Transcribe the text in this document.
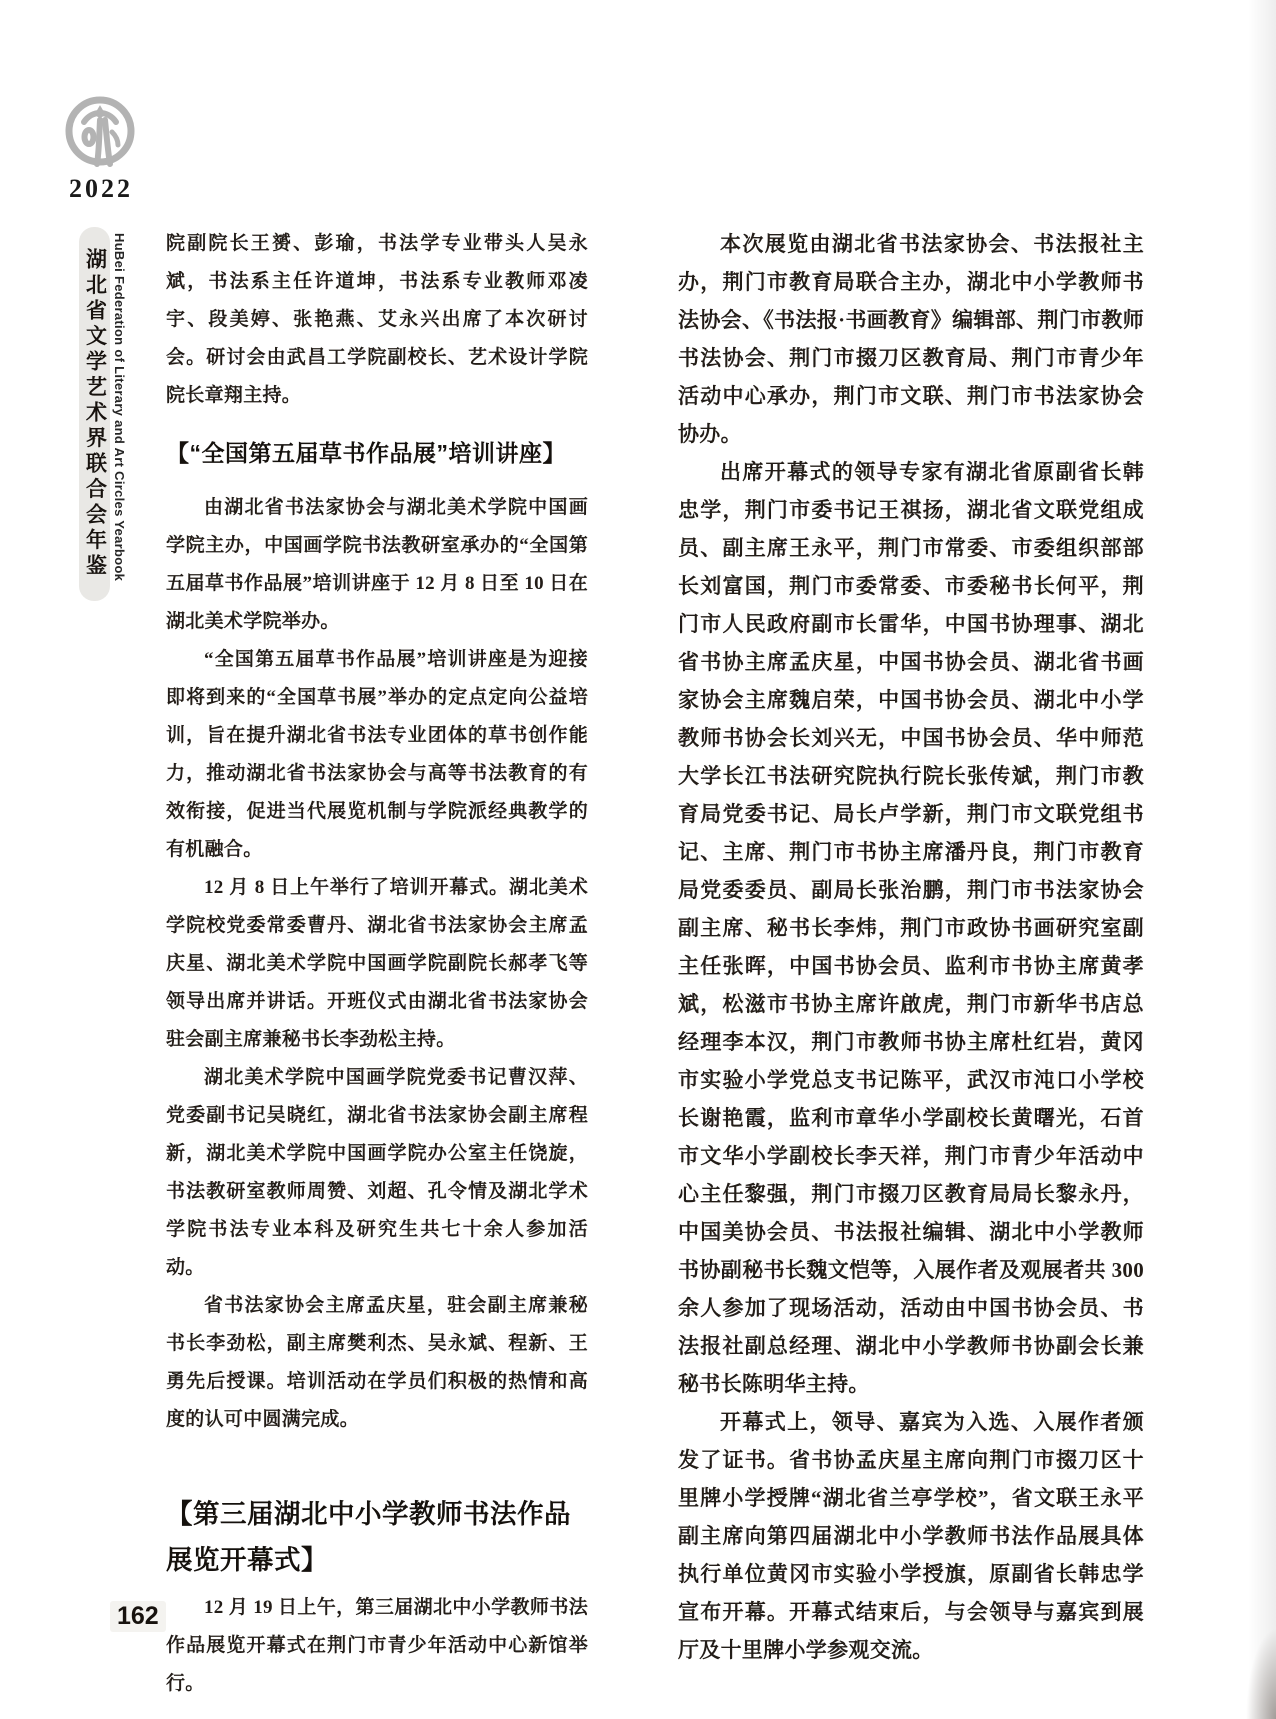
2022
湖北省文学艺术界联合会年鉴 HuBei Federation of Literary and Art Circles Yearbook 院副院长王赟、彭瑜，书法学专业带头人吴永斌，书法系主任许道坤，书法系专业教师邓凌宇、段美婷、张艳燕、艾永兴出席了本次研讨会。研讨会由武昌工学院副校长、艺术设计学院院长章翔主持。
【“全国第五届草书作品展”培训讲座】
由湖北省书法家协会与湖北美术学院中国画学院主办，中国画学院书法教研室承办的“全国第五届草书作品展”培训讲座于 12 月 8 日至 10 日在湖北美术学院举办。
“全国第五届草书作品展”培训讲座是为迎接即将到来的“全国草书展”举办的定点定向公益培训，旨在提升湖北省书法专业团体的草书创作能力，推动湖北省书法家协会与高等书法教育的有效衔接，促进当代展览机制与学院派经典教学的有机融合。
12 月 8 日上午举行了培训开幕式。湖北美术学院校党委常委曹丹、湖北省书法家协会主席孟庆星、湖北美术学院中国画学院副院长郝孝飞等领导出席并讲话。开班仪式由湖北省书法家协会驻会副主席兼秘书长李劲松主持。
湖北美术学院中国画学院党委书记曹汉萍、党委副书记吴晓红，湖北省书法家协会副主席程新，湖北美术学院中国画学院办公室主任饶旋，书法教研室教师周赞、刘超、孔令情及湖北学术学院书法专业本科及研究生共七十余人参加活动。
省书法家协会主席孟庆星，驻会副主席兼秘书长李劲松，副主席樊利杰、吴永斌、程新、王勇先后授课。培训活动在学员们积极的热情和高度的认可中圆满完成。
【第三届湖北中小学教师书法作品展览开幕式】
12 月 19 日上午，第三届湖北中小学教师书法作品展览开幕式在荆门市青少年活动中心新馆举行。
本次展览由湖北省书法家协会、书法报社主办，荆门市教育局联合主办，湖北中小学教师书法协会、《书法报·书画教育》编辑部、荆门市教师书法协会、荆门市掇刀区教育局、荆门市青少年活动中心承办，荆门市文联、荆门市书法家协会协办。
出席开幕式的领导专家有湖北省原副省长韩忠学，荆门市委书记王祺扬，湖北省文联党组成员、副主席王永平，荆门市常委、市委组织部部长刘富国，荆门市委常委、市委秘书长何平，荆门市人民政府副市长雷华，中国书协理事、湖北省书协主席孟庆星，中国书协会员、湖北省书画家协会主席魏启荣，中国书协会员、湖北中小学教师书协会长刘兴无，中国书协会员、华中师范大学长江书法研究院执行院长张传斌，荆门市教育局党委书记、局长卢学新，荆门市文联党组书记、主席、荆门市书协主席潘丹良，荆门市教育局党委委员、副局长张治鹏，荆门市书法家协会副主席、秘书长李炜，荆门市政协书画研究室副主任张晖，中国书协会员、监利市书协主席黄孝斌，松滋市书协主席许啟虎，荆门市新华书店总经理李本汉，荆门市教师书协主席杜红岩，黄冈市实验小学党总支书记陈平，武汉市沌口小学校长谢艳霞，监利市章华小学副校长黄曙光，石首市文华小学副校长李天祥，荆门市青少年活动中心主任黎强，荆门市掇刀区教育局局长黎永丹，中国美协会员、书法报社编辑、湖北中小学教师书协副秘书长魏文恺等，入展作者及观展者共 300 余人参加了现场活动，活动由中国书协会员、书法报社副总经理、湖北中小学教师书协副会长兼秘书长陈明华主持。
开幕式上，领导、嘉宾为入选、入展作者颁发了证书。省书协孟庆星主席向荆门市掇刀区十里牌小学授牌“湖北省兰亭学校”，省文联王永平副主席向第四届湖北中小学教师书法作品展具体执行单位黄冈市实验小学授旗，原副省长韩忠学宣布开幕。开幕式结束后，与会领导与嘉宾到展厅及十里牌小学参观交流。
162
